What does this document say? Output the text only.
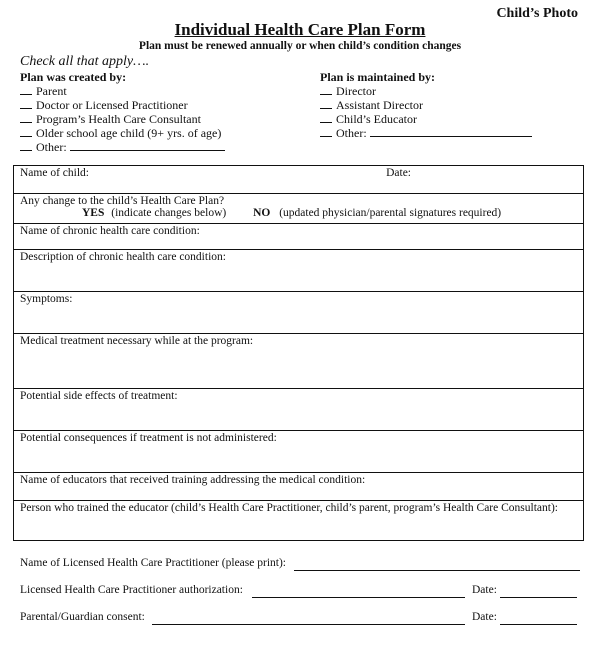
Child’s Photo
Individual Health Care Plan Form
Plan must be renewed annually or when child’s condition changes
Check all that apply….
Plan was created by:
Parent
Doctor or Licensed Practitioner
Program’s Health Care Consultant
Older school age child (9+ yrs. of age)
Other:
Plan is maintained by:
Director
Assistant Director
Child’s Educator
Other:
Name of child:	Date:

Any change to the child’s Health Care Plan?
YES (indicate changes below) NO (updated physician/parental signatures required)

Name of chronic health care condition:
Description of chronic health care condition:
Symptoms:
Medical treatment necessary while at the program:
Potential side effects of treatment:
Potential consequences if treatment is not administered:
Name of educators that received training addressing the medical condition:
Person who trained the educator (child’s Health Care Practitioner, child’s parent, program’s Health Care Consultant):
Name of Licensed Health Care Practitioner (please print):
Licensed Health Care Practitioner authorization:	Date:
Parental/Guardian consent:	Date:
